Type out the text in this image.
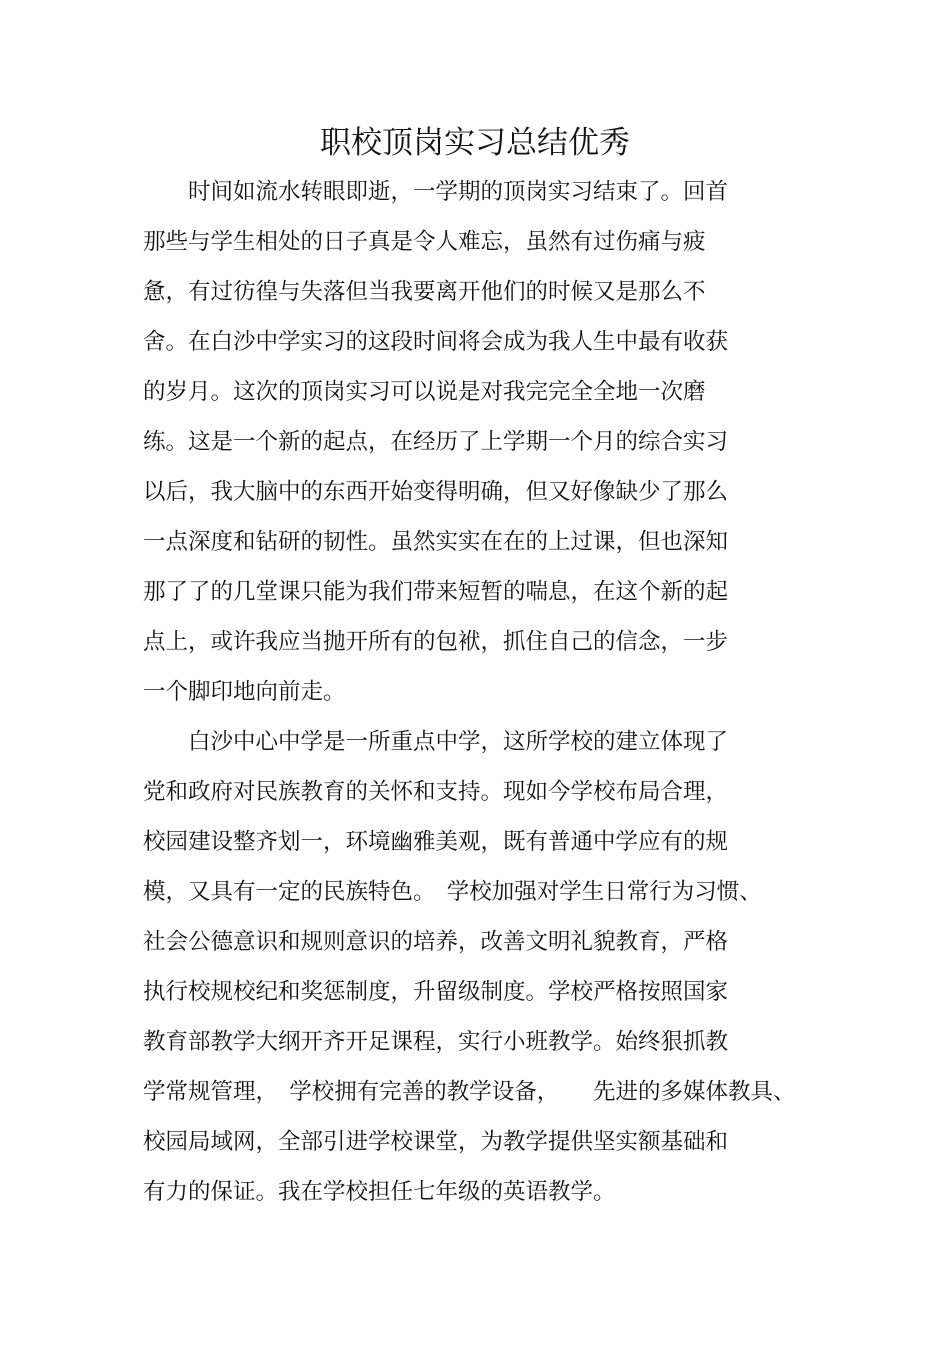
职校顶岗实习总结优秀
　　时间如流水转眼即逝，一学期的顶岗实习结束了。回首
那些与学生相处的日子真是令人难忘，虽然有过伤痛与疲
惫，有过彷徨与失落但当我要离开他们的时候又是那么不
舍。在白沙中学实习的这段时间将会成为我人生中最有收获
的岁月。这次的顶岗实习可以说是对我完完全全地一次磨
练。这是一个新的起点，在经历了上学期一个月的综合实习
以后，我大脑中的东西开始变得明确，但又好像缺少了那么
一点深度和钻研的韧性。虽然实实在在的上过课，但也深知
那了了的几堂课只能为我们带来短暂的喘息，在这个新的起
点上，或许我应当抛开所有的包袱，抓住自己的信念，一步
一个脚印地向前走。
　　白沙中心中学是一所重点中学，这所学校的建立体现了
党和政府对民族教育的关怀和支持。现如今学校布局合理，
校园建设整齐划一，环境幽雅美观，既有普通中学应有的规
模，又具有一定的民族特色。　学校加强对学生日常行为习惯、
社会公德意识和规则意识的培养，改善文明礼貌教育，严格
执行校规校纪和奖惩制度，升留级制度。学校严格按照国家
教育部教学大纲开齐开足课程，实行小班教学。始终狠抓教
学常规管理，　学校拥有完善的教学设备，　　先进的多媒体教具、
校园局域网，全部引进学校课堂，为教学提供坚实额基础和
有力的保证。我在学校担任七年级的英语教学。
